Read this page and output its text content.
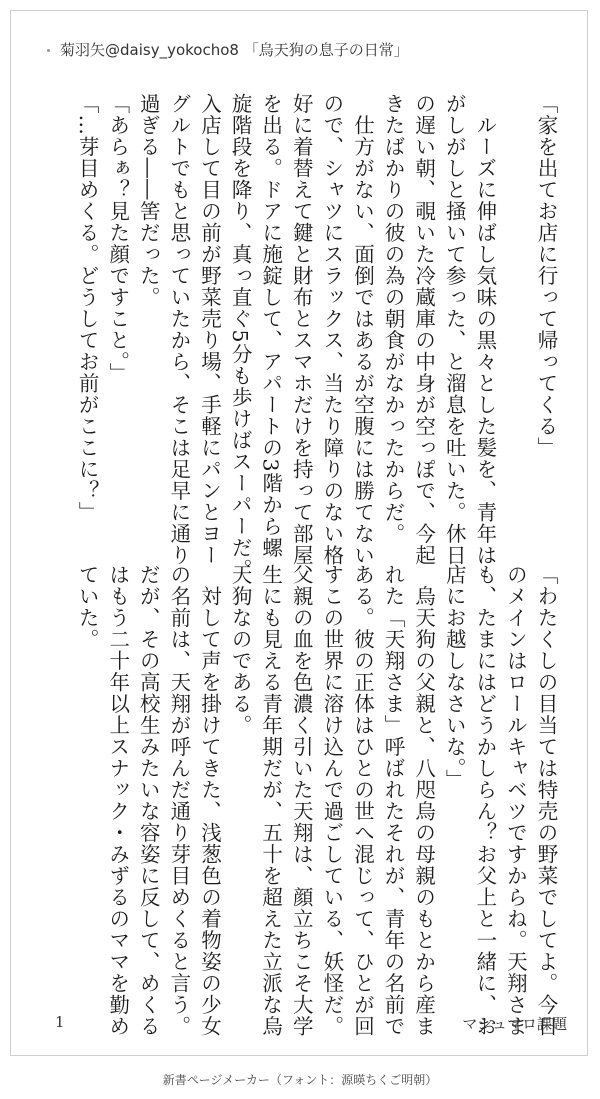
菊羽矢@daisy_yokocho8 「烏天狗の息子の日常」
「家を出てお店に行って帰ってくる」

　ルーズに伸ばし気味の黒々とした髪を、青年は
がしがしと掻いて参った、と溜息を吐いた。休日
の遅い朝、覗いた冷蔵庫の中身が空っぽで、今起
きたばかりの彼の為の朝食がなかったからだ。
　仕方がない、面倒ではあるが空腹には勝てない
ので、シャツにスラックス、当たり障りのない格
好に着替えて鍵と財布とスマホだけを持って部屋
を出る。ドアに施錠して、アパートの3階から螺
旋階段を降り、真っ直ぐ5分も歩けばスーパーだ。
入店して目の前が野菜売り場、手軽にパンとヨー
グルトでもと思っていたから、そこは足早に通り
過ぎる――筈だった。
「あらぁ？見た顔ですこと。」
「…芽目めくる。どうしてお前がここに？」
「わたくしの目当ては特売の野菜でしてよ。今日
のメインはロールキャベツですからね。天翔さま
も、たまにはどうかしらん？お父上と一緒に、お
店にお越しなさいな。」
　烏天狗の父親と、八咫烏の母親のもとから産ま
れた「天翔さま」呼ばれたそれが、青年の名前で
ある。彼の正体はひとの世へ混じって、ひとが回
すこの世界に溶け込んで過ごしている、妖怪だ。
父親の血を色濃く引いた天翔は、顔立ちこそ大学
生にも見える青年期だが、五十を超えた立派な烏
天狗なのである。
　対して声を掛けてきた、浅葱色の着物姿の少女
の名前は、天翔が呼んだ通り芽目めくると言う。
だが、その高校生みたいな容姿に反して、めくる
はもう二十年以上スナック・みずるのママを勤め
ていた。
1	マシュマロ課題
新書ページメーカー（フォント：源暎ちくご明朝）
